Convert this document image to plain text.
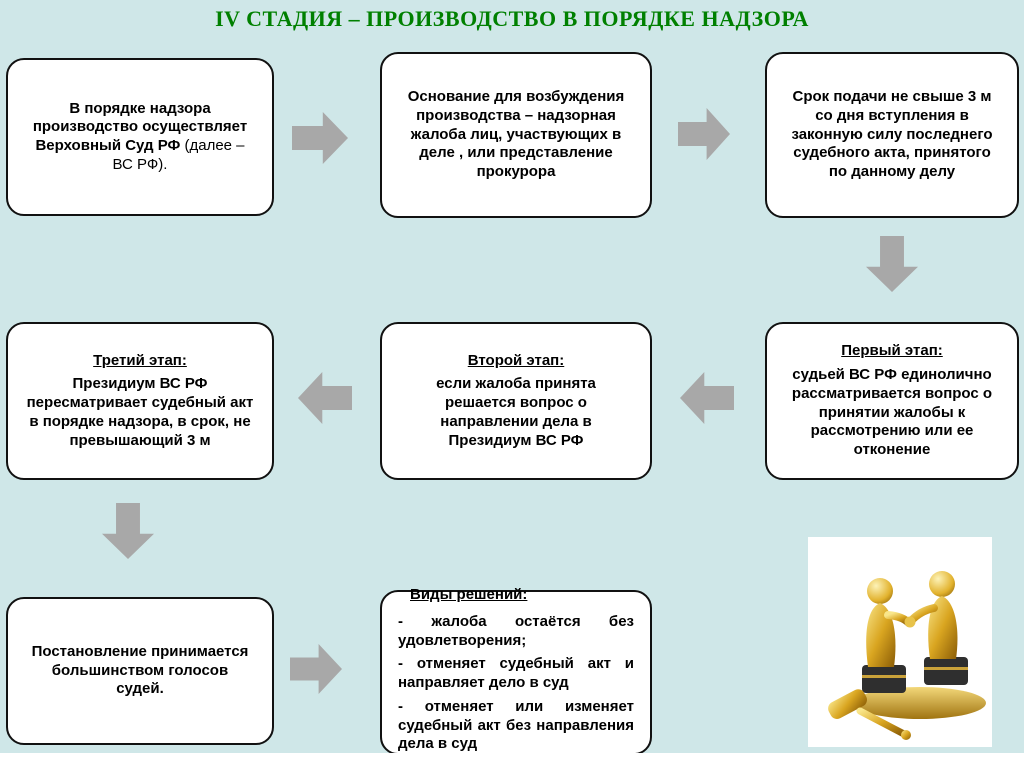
IV СТАДИЯ – ПРОИЗВОДСТВО В ПОРЯДКЕ НАДЗОРА
В порядке надзора производство осуществляет Верховный Суд РФ (далее – ВС РФ).
Основание для возбуждения производства – надзорная жалоба лиц, участвующих в деле , или представление прокурора
Срок подачи не свыше 3 м со дня вступления в законную силу последнего судебного акта, принятого по данному делу
Первый этап:
судьей ВС РФ единолично рассматривается вопрос о принятии жалобы к рассмотрению или ее отконение
Второй этап:
если жалоба принята решается вопрос о направлении дела в Президиум ВС РФ
Третий этап:
Президиум ВС РФ пересматривает судебный акт в порядке надзора, в срок, не превышающий 3 м
Постановление принимается большинством голосов судей.
Виды решений:
- жалоба остаётся без удовлетворения;
- отменяет судебный акт и направляет дело в суд
- отменяет или изменяет судебный акт без направления дела в суд
